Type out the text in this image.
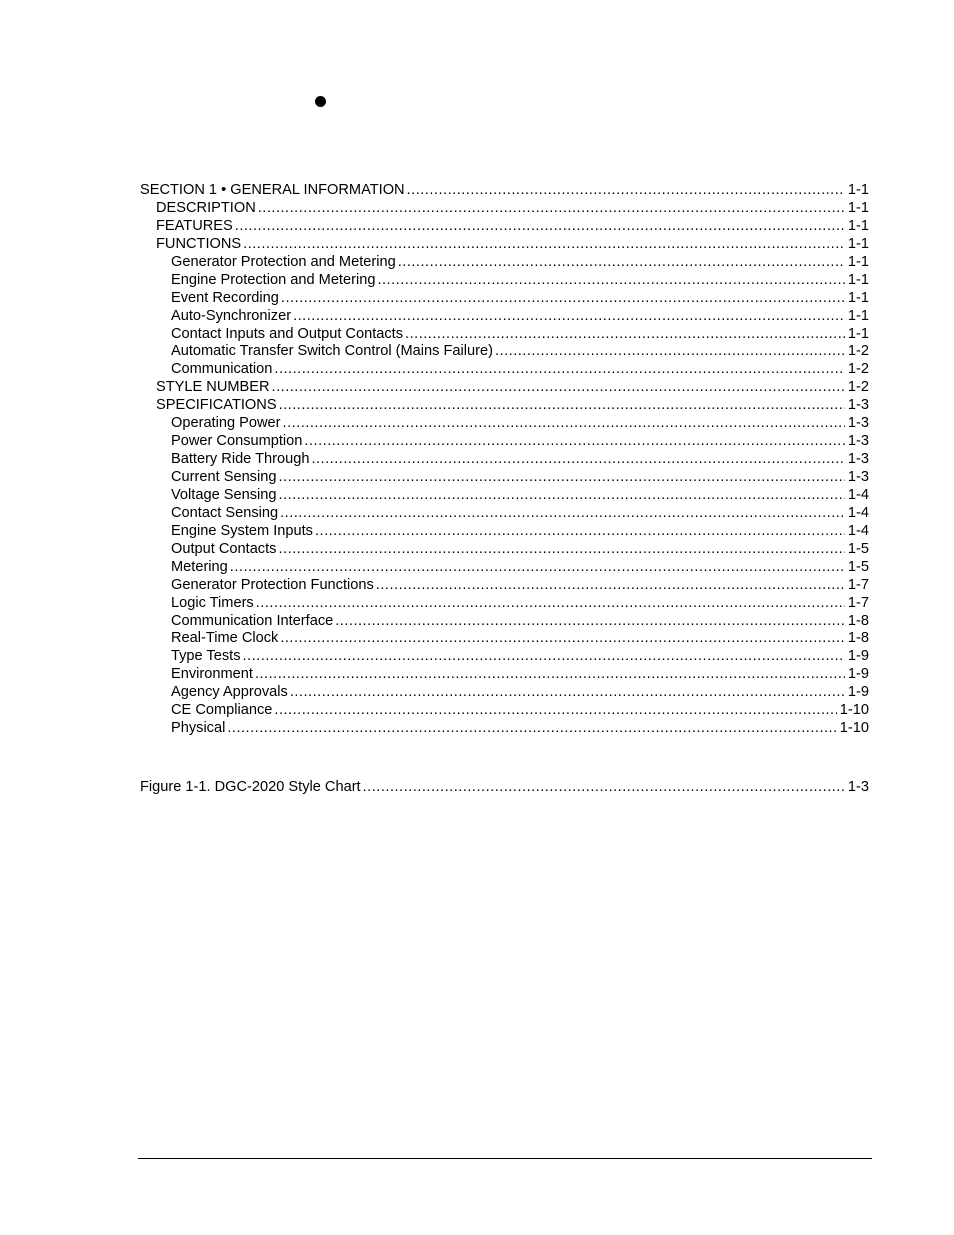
SECTION 1 • GENERAL INFORMATION .....	1-1
DESCRIPTION .....	1-1
FEATURES .....	1-1
FUNCTIONS .....	1-1
Generator Protection and Metering .....	1-1
Engine Protection and Metering .....	1-1
Event Recording .....	1-1
Auto-Synchronizer .....	1-1
Contact Inputs and Output Contacts .....	1-1
Automatic Transfer Switch Control (Mains Failure) .....	1-2
Communication .....	1-2
STYLE NUMBER .....	1-2
SPECIFICATIONS .....	1-3
Operating Power .....	1-3
Power Consumption .....	1-3
Battery Ride Through .....	1-3
Current Sensing .....	1-3
Voltage Sensing .....	1-4
Contact Sensing .....	1-4
Engine System Inputs .....	1-4
Output Contacts .....	1-5
Metering .....	1-5
Generator Protection Functions .....	1-7
Logic Timers .....	1-7
Communication Interface .....	1-8
Real-Time Clock .....	1-8
Type Tests .....	1-9
Environment .....	1-9
Agency Approvals .....	1-9
CE Compliance .....	1-10
Physical .....	1-10
Figure 1-1. DGC-2020 Style Chart .....	1-3
